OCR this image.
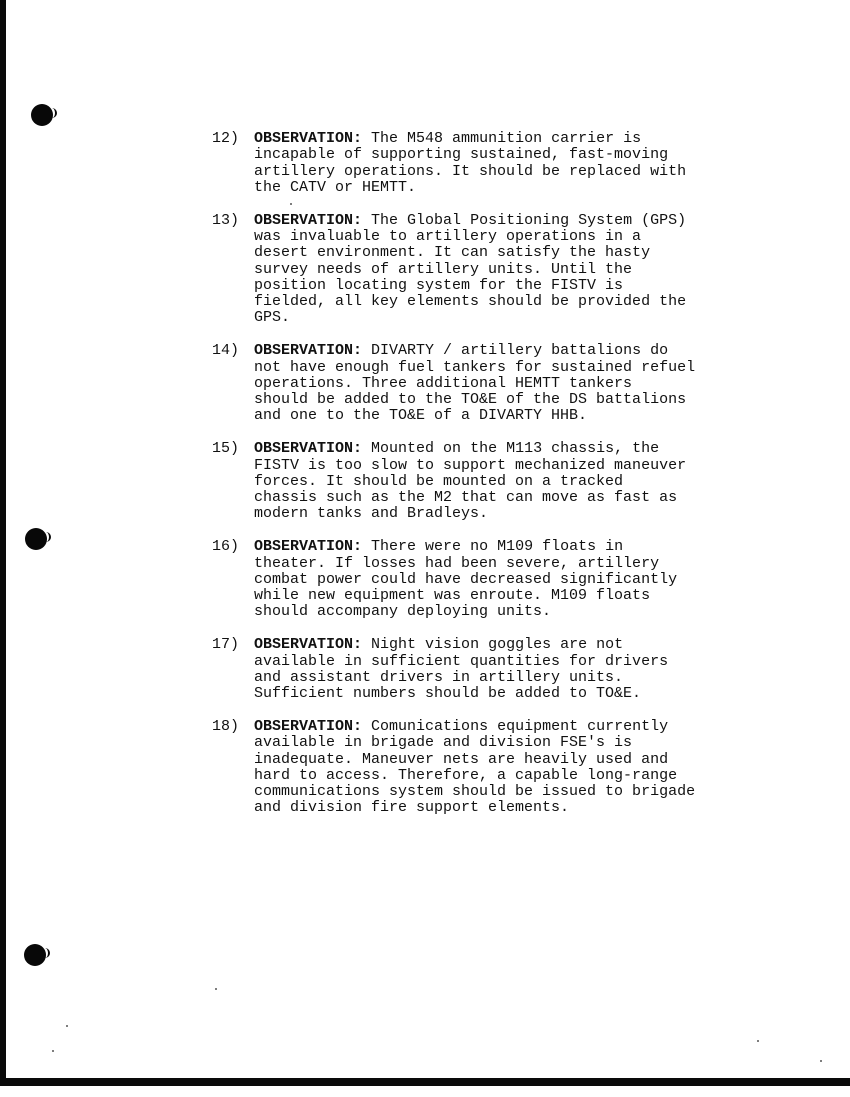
12) OBSERVATION: The M548 ammunition carrier is
incapable of supporting sustained, fast-moving
artillery operations. It should be replaced with
the CATV or HEMTT.
13) OBSERVATION: The Global Positioning System (GPS)
was invaluable to artillery operations in a
desert environment. It can satisfy the hasty
survey needs of artillery units. Until the
position locating system for the FISTV is
fielded, all key elements should be provided the
GPS.
14) OBSERVATION: DIVARTY / artillery battalions do
not have enough fuel tankers for sustained refuel
operations. Three additional HEMTT tankers
should be added to the TO&E of the DS battalions
and one to the TO&E of a DIVARTY HHB.
15) OBSERVATION: Mounted on the M113 chassis, the
FISTV is too slow to support mechanized maneuver
forces. It should be mounted on a tracked
chassis such as the M2 that can move as fast as
modern tanks and Bradleys.
16) OBSERVATION: There were no M109 floats in
theater. If losses had been severe, artillery
combat power could have decreased significantly
while new equipment was enroute. M109 floats
should accompany deploying units.
17) OBSERVATION: Night vision goggles are not
available in sufficient quantities for drivers
and assistant drivers in artillery units.
Sufficient numbers should be added to TO&E.
18) OBSERVATION: Comunications equipment currently
available in brigade and division FSE's is
inadequate. Maneuver nets are heavily used and
hard to access. Therefore, a capable long-range
communications system should be issued to brigade
and division fire support elements.
